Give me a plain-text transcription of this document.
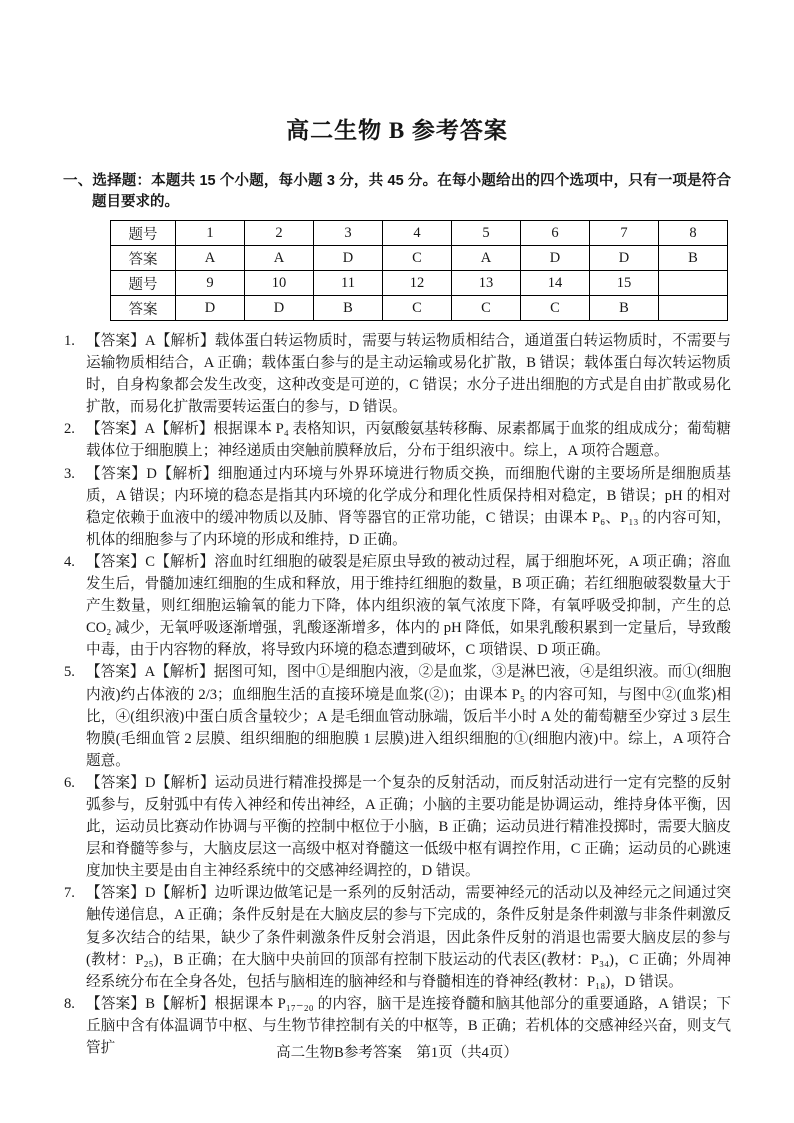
高二生物 B 参考答案

一、选择题：本题共 15 个小题，每小题 3 分，共 45 分。在每小题给出的四个选项中，只有一项是符合题目要求的。

题号	1	2	3	4	5	6	7	8
答案	A	A	D	C	A	D	D	B
题号	9	10	11	12	13	14	15	
答案	D	D	B	C	C	C	B	
1. 【答案】A【解析】载体蛋白转运物质时，需要与转运物质相结合，通道蛋白转运物质时，不需要与运输物质相结合，A 正确；载体蛋白参与的是主动运输或易化扩散，B 错误；载体蛋白每次转运物质时，自身构象都会发生改变，这种改变是可逆的，C 错误；水分子进出细胞的方式是自由扩散或易化扩散，而易化扩散需要转运蛋白的参与，D 错误。
2. 【答案】A【解析】根据课本 P₄ 表格知识，丙氨酸氨基转移酶、尿素都属于血浆的组成成分；葡萄糖载体位于细胞膜上；神经递质由突触前膜释放后，分布于组织液中。综上，A 项符合题意。
3. 【答案】D【解析】细胞通过内环境与外界环境进行物质交换，而细胞代谢的主要场所是细胞质基质，A 错误；内环境的稳态是指其内环境的化学成分和理化性质保持相对稳定，B 错误；pH 的相对稳定依赖于血液中的缓冲物质以及肺、肾等器官的正常功能，C 错误；由课本 P₆、P₁₃ 的内容可知，机体的细胞参与了内环境的形成和维持，D 正确。
4. 【答案】C【解析】溶血时红细胞的破裂是疟原虫导致的被动过程，属于细胞坏死，A 项正确；溶血发生后，骨髓加速红细胞的生成和释放，用于维持红细胞的数量，B 项正确；若红细胞破裂数量大于产生数量，则红细胞运输氧的能力下降，体内组织液的氧气浓度下降，有氧呼吸受抑制，产生的总 CO₂ 减少，无氧呼吸逐渐增强，乳酸逐渐增多，体内的 pH 降低，如果乳酸积累到一定量后，导致酸中毒，由于内容物的释放，将导致内环境的稳态遭到破坏，C 项错误、D 项正确。
5. 【答案】A【解析】据图可知，图中①是细胞内液，②是血浆，③是淋巴液，④是组织液。而①(细胞内液)约占体液的 2/3；血细胞生活的直接环境是血浆(②)；由课本 P₅ 的内容可知，与图中②(血浆)相比，④(组织液)中蛋白质含量较少；A 是毛细血管动脉端，饭后半小时 A 处的葡萄糖至少穿过 3 层生物膜(毛细血管 2 层膜、组织细胞的细胞膜 1 层膜)进入组织细胞的①(细胞内液)中。综上，A 项符合题意。
6. 【答案】D【解析】运动员进行精准投掷是一个复杂的反射活动，而反射活动进行一定有完整的反射弧参与，反射弧中有传入神经和传出神经，A 正确；小脑的主要功能是协调运动，维持身体平衡，因此，运动员比赛动作协调与平衡的控制中枢位于小脑，B 正确；运动员进行精准投掷时，需要大脑皮层和脊髓等参与，大脑皮层这一高级中枢对脊髓这一低级中枢有调控作用，C 正确；运动员的心跳速度加快主要是由自主神经系统中的交感神经调控的，D 错误。
7. 【答案】D【解析】边听课边做笔记是一系列的反射活动，需要神经元的活动以及神经元之间通过突触传递信息，A 正确；条件反射是在大脑皮层的参与下完成的，条件反射是条件刺激与非条件刺激反复多次结合的结果，缺少了条件刺激条件反射会消退，因此条件反射的消退也需要大脑皮层的参与(教材：P₂₅)，B 正确；在大脑中央前回的顶部有控制下肢运动的代表区(教材：P₃₄)，C 正确；外周神经系统分布在全身各处，包括与脑相连的脑神经和与脊髓相连的脊神经(教材：P₁₈)，D 错误。
8. 【答案】B【解析】根据课本 P₁₇₋₂₀ 的内容，脑干是连接脊髓和脑其他部分的重要通路，A 错误；下丘脑中含有体温调节中枢、与生物节律控制有关的中枢等，B 正确；若机体的交感神经兴奋，则支气管扩	高二生物B参考答案　第1页（共4页）
